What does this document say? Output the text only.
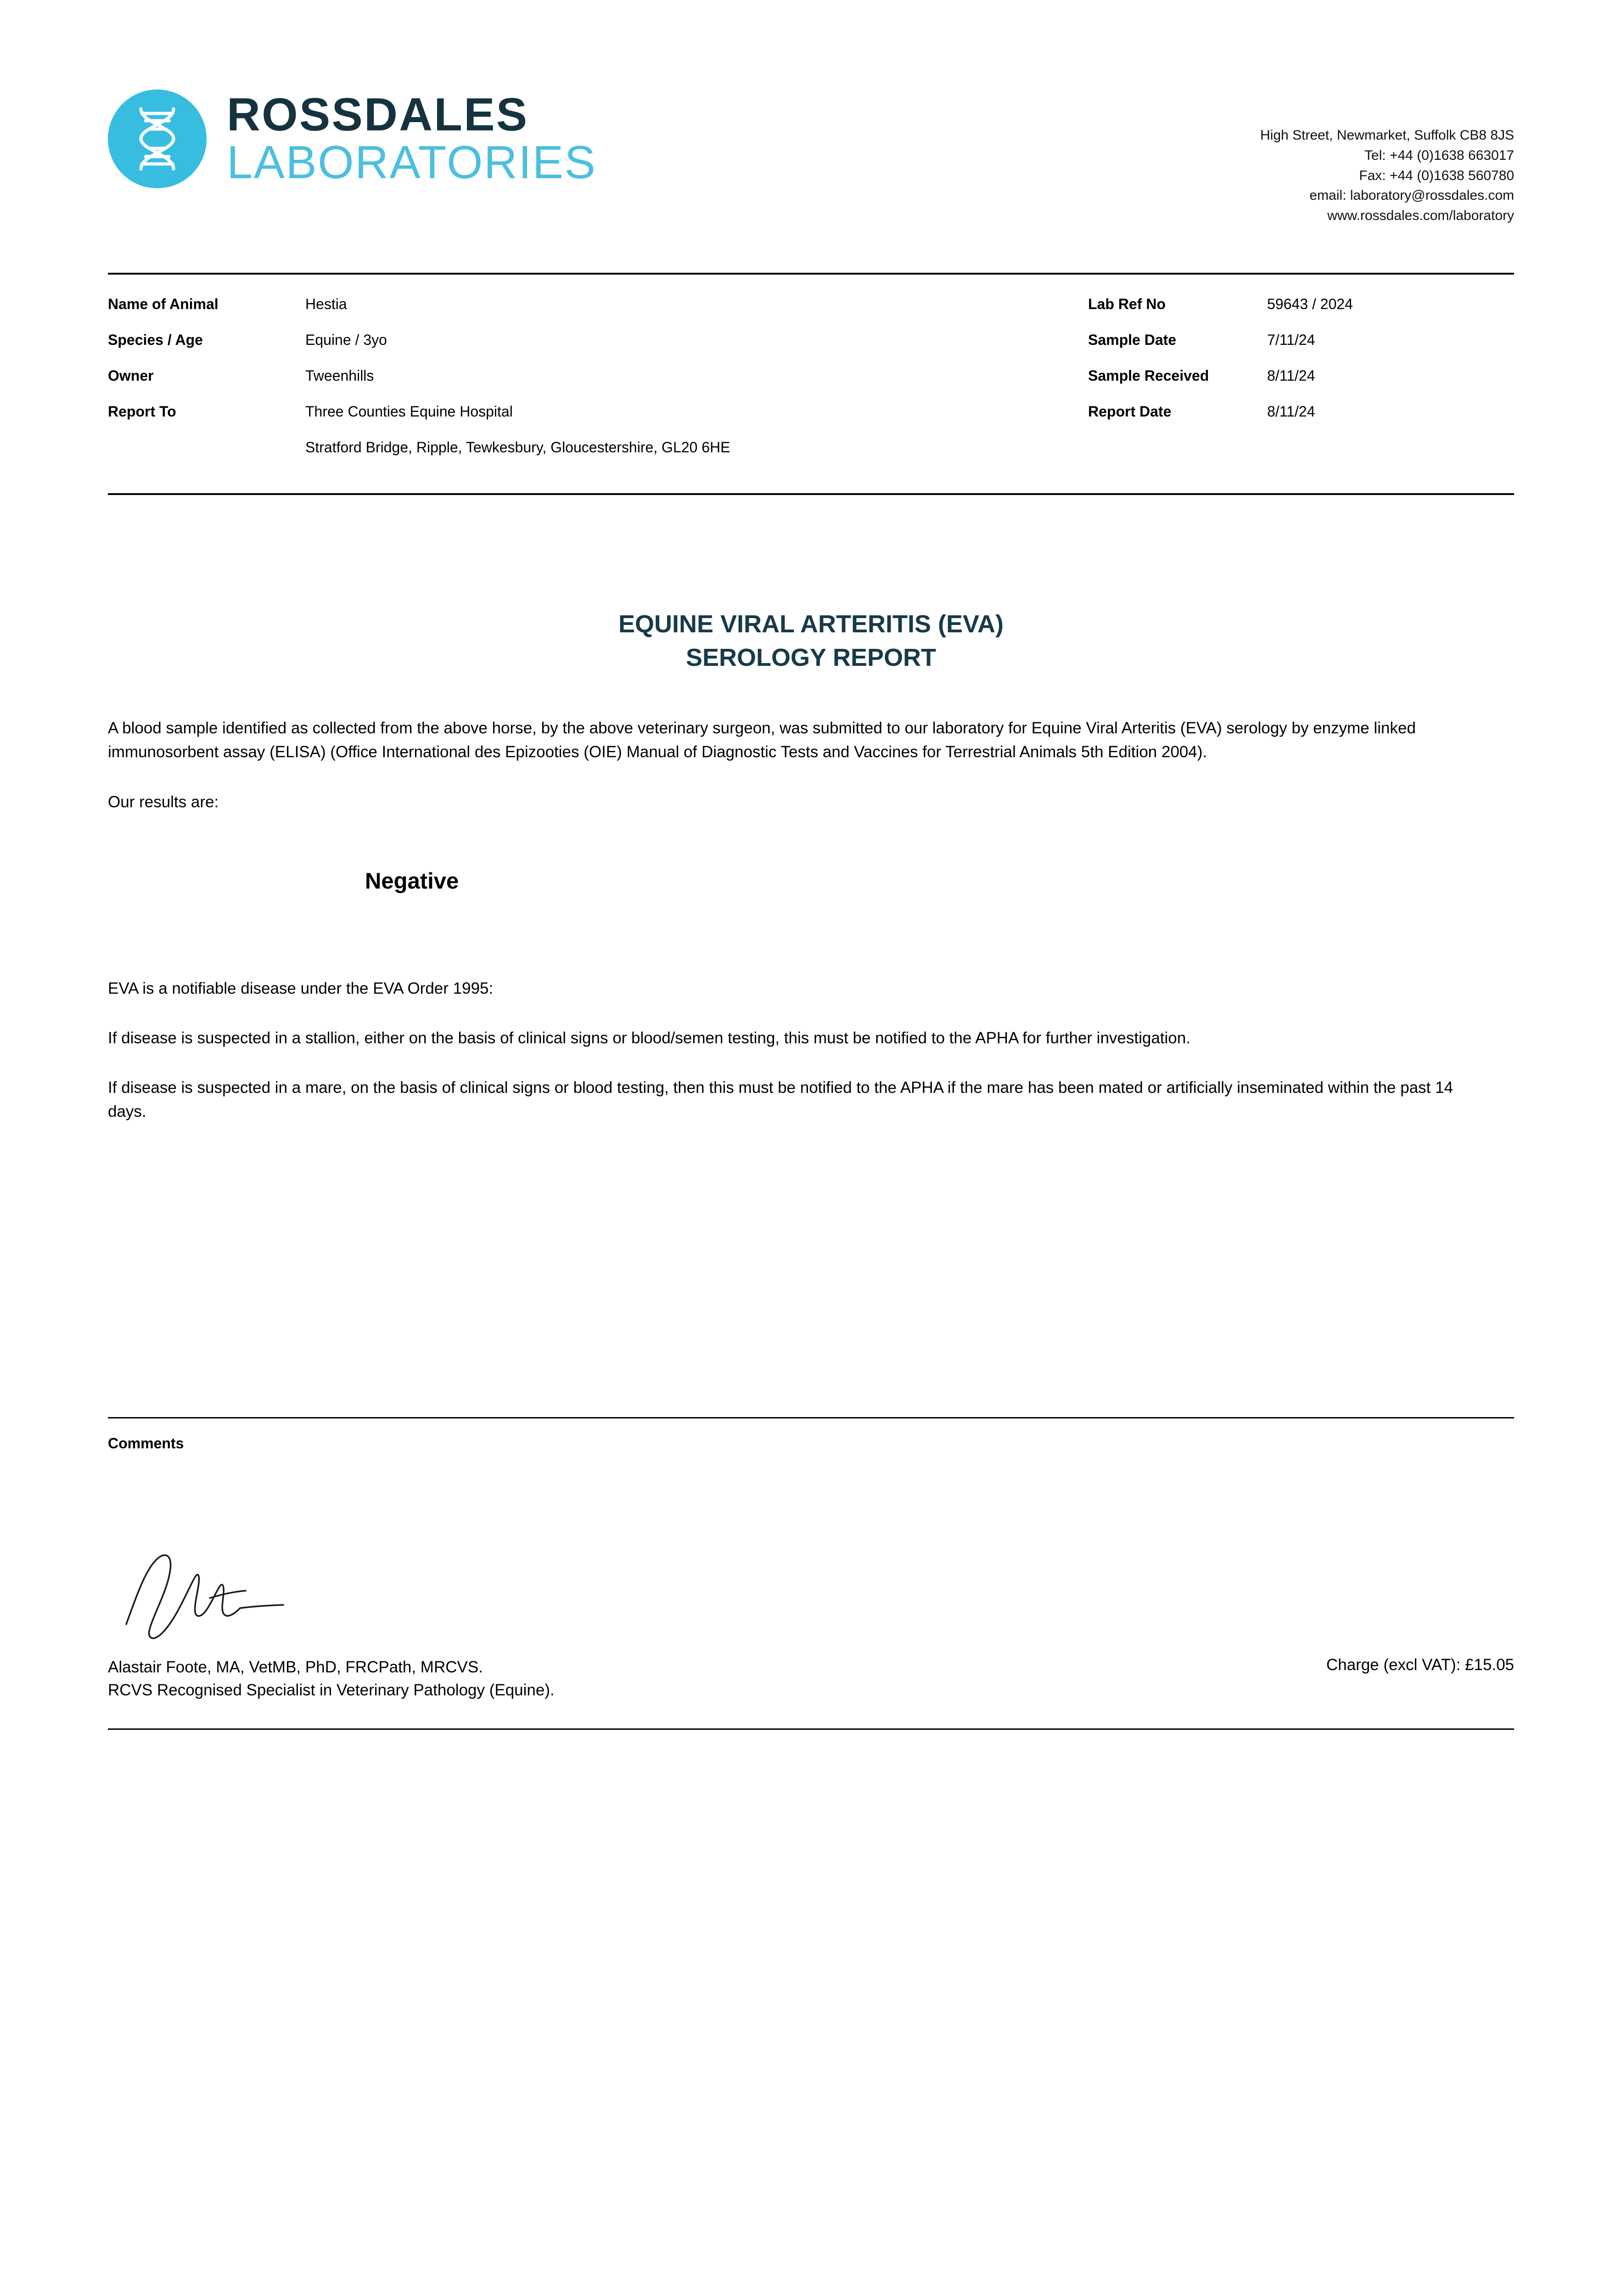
ROSSDALES
LABORATORIES
High Street, Newmarket, Suffolk CB8 8JS
Tel: +44 (0)1638 663017
Fax: +44 (0)1638 560780
email: laboratory@rossdales.com
www.rossdales.com/laboratory
Name of Animal	Hestia
Species / Age	Equine / 3yo
Owner	Tweenhills
Report To	Three Counties Equine Hospital
Stratford Bridge, Ripple, Tewkesbury, Gloucestershire, GL20 6HE
Lab Ref No	59643 / 2024
Sample Date	7/11/24
Sample Received	8/11/24
Report Date	8/11/24
EQUINE VIRAL ARTERITIS (EVA)
SEROLOGY REPORT

A blood sample identified as collected from the above horse, by the above veterinary surgeon, was submitted to our laboratory for Equine Viral Arteritis (EVA) serology by enzyme linked immunosorbent assay (ELISA) (Office International des Epizooties (OIE) Manual of Diagnostic Tests and Vaccines for Terrestrial Animals 5th Edition 2004).

Our results are:

Negative

EVA is a notifiable disease under the EVA Order 1995:

If disease is suspected in a stallion, either on the basis of clinical signs or blood/semen testing, this must be notified to the APHA for further investigation.

If disease is suspected in a mare, on the basis of clinical signs or blood testing, then this must be notified to the APHA if the mare has been mated or artificially inseminated within the past 14 days.

Comments
Alastair Foote, MA, VetMB, PhD, FRCPath, MRCVS.
RCVS Recognised Specialist in Veterinary Pathology (Equine).
Charge (excl VAT): £15.05
